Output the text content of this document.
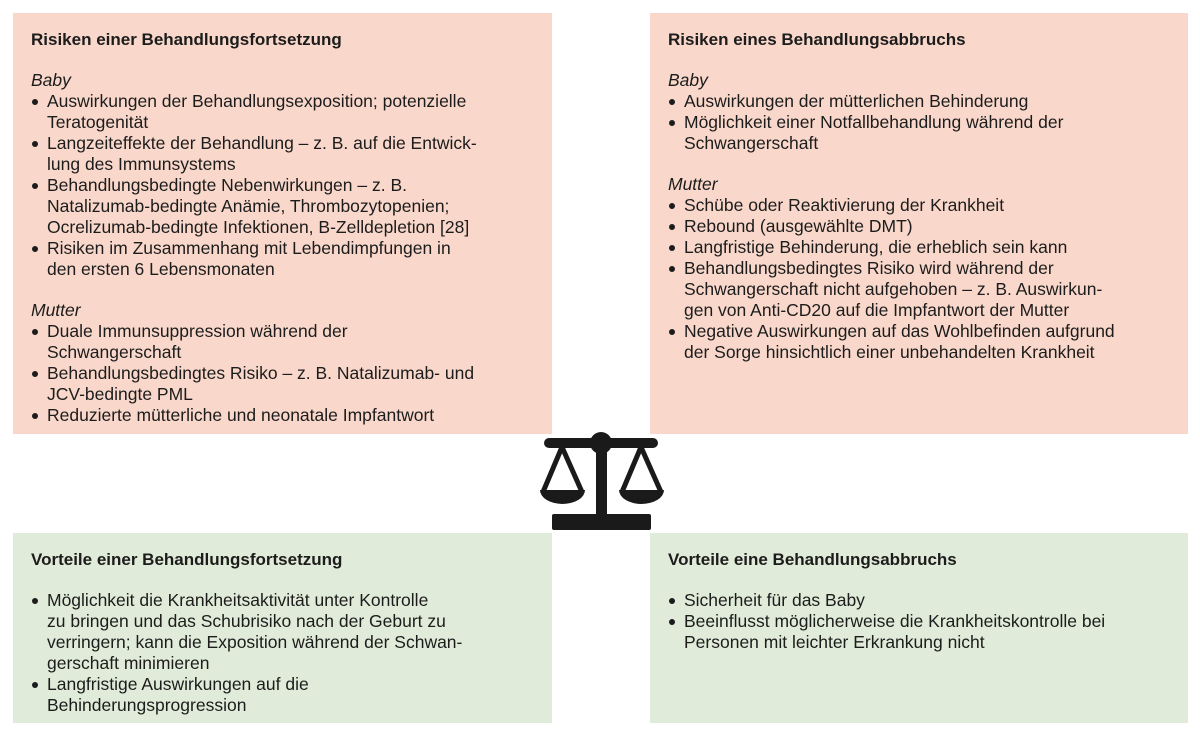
Risiken einer Behandlungsfortsetzung
Baby
Auswirkungen der Behandlungsexposition; potenzielle
Teratogenität
Langzeiteffekte der Behandlung – z. B. auf die Entwick-
lung des Immunsystems
Behandlungsbedingte Nebenwirkungen – z. B.
Natalizumab-bedingte Anämie, Thrombozytopenien;
Ocrelizumab-bedingte Infektionen, B-Zelldepletion [28]
Risiken im Zusammenhang mit Lebendimpfungen in
den ersten 6 Lebensmonaten
Mutter
Duale Immunsuppression während der
Schwangerschaft
Behandlungsbedingtes Risiko – z. B. Natalizumab- und
JCV-bedingte PML
Reduzierte mütterliche und neonatale Impfantwort
Risiken eines Behandlungsabbruchs
Baby
Auswirkungen der mütterlichen Behinderung
Möglichkeit einer Notfallbehandlung während der
Schwangerschaft
Mutter
Schübe oder Reaktivierung der Krankheit
Rebound (ausgewählte DMT)
Langfristige Behinderung, die erheblich sein kann
Behandlungsbedingtes Risiko wird während der
Schwangerschaft nicht aufgehoben – z. B. Auswirkun-
gen von Anti-CD20 auf die Impfantwort der Mutter
Negative Auswirkungen auf das Wohlbefinden aufgrund
der Sorge hinsichtlich einer unbehandelten Krankheit
Vorteile einer Behandlungsfortsetzung
Möglichkeit die Krankheitsaktivität unter Kontrolle
zu bringen und das Schubrisiko nach der Geburt zu
verringern; kann die Exposition während der Schwan-
gerschaft minimieren
Langfristige Auswirkungen auf die
Behinderungsprogression
Vorteile eine Behandlungsabbruchs
Sicherheit für das Baby
Beeinflusst möglicherweise die Krankheitskontrolle bei
Personen mit leichter Erkrankung nicht
